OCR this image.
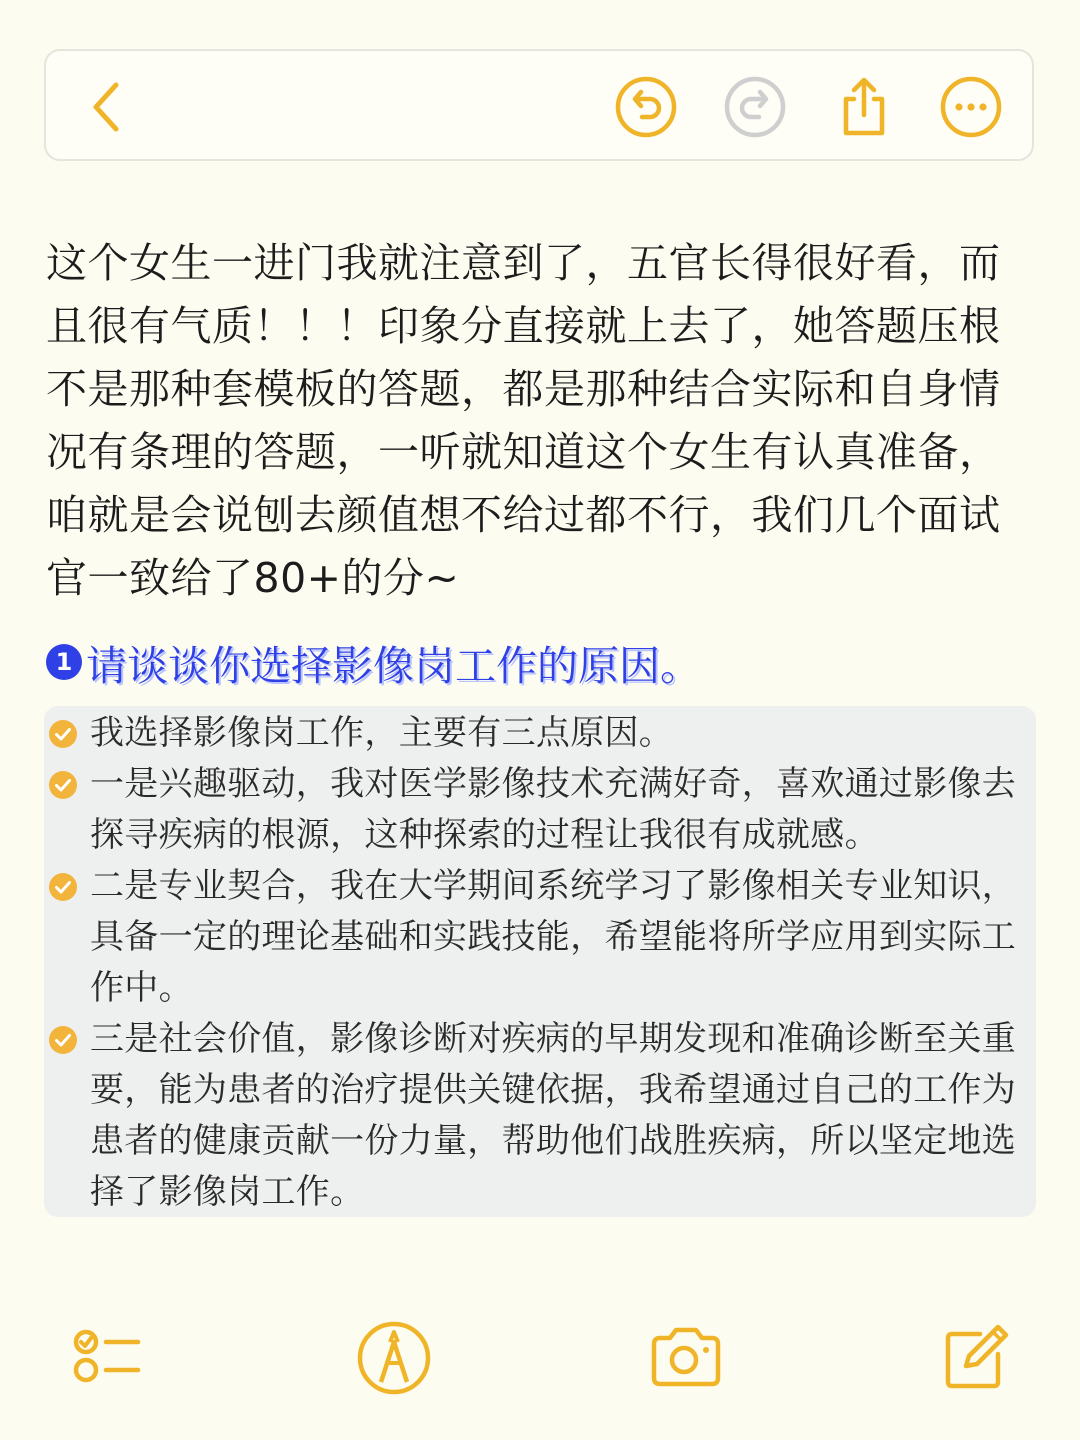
这个女生一进门我就注意到了，五官长得很好看，而且很有气质！！！印象分直接就上去了，她答题压根不是那种套模板的答题，都是那种结合实际和自身情况有条理的答题，一听就知道这个女生有认真准备，咱就是会说刨去颜值想不给过都不行，我们几个面试官一致给了80+的分~

1 请谈谈你选择影像岗工作的原因。
我选择影像岗工作，主要有三点原因。
一是兴趣驱动，我对医学影像技术充满好奇，喜欢通过影像去探寻疾病的根源，这种探索的过程让我很有成就感。
二是专业契合，我在大学期间系统学习了影像相关专业知识，具备一定的理论基础和实践技能，希望能将所学应用到实际工作中。
三是社会价值，影像诊断对疾病的早期发现和准确诊断至关重要，能为患者的治疗提供关键依据，我希望通过自己的工作为患者的健康贡献一份力量，帮助他们战胜疾病，所以坚定地选择了影像岗工作。
